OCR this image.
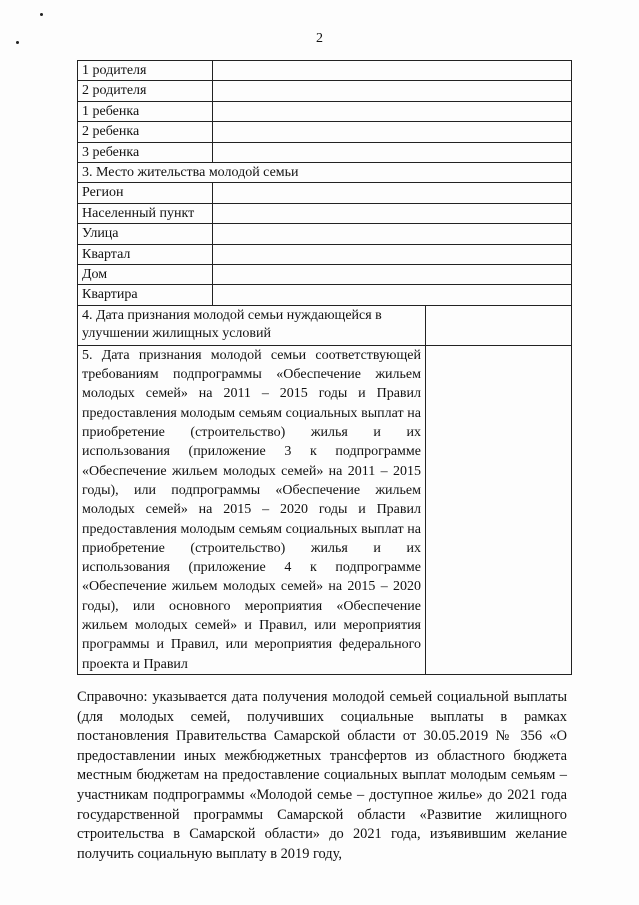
2
1 родителя		
2 родителя		
1 ребенка		
2 ребенка		
3 ребенка		
3. Место жительства молодой семьи		
Регион		
Населенный пункт		
Улица		
Квартал		
Дом		
Квартира		
4. Дата признания молодой семьи нуждающейся в улучшении жилищных условий		
5. Дата признания молодой семьи соответствующей требованиям подпрограммы «Обеспечение жильем молодых семей» на 2011 – 2015 годы и Правил предоставления молодым семьям социальных выплат на приобретение (строительство) жилья и их использования (приложение 3 к подпрограмме «Обеспечение жильем молодых семей» на 2011 – 2015 годы), или подпрограммы «Обеспечение жильем молодых семей» на 2015 – 2020 годы и Правил предоставления молодым семьям социальных выплат на приобретение (строительство) жилья и их использования (приложение 4 к подпрограмме «Обеспечение жильем молодых семей» на 2015 – 2020 годы), или основного мероприятия «Обеспечение жильем молодых семей» и Правил, или мероприятия программы и Правил, или мероприятия федерального проекта и Правил		
Справочно: указывается дата получения молодой семьей социальной выплаты (для молодых семей, получивших социальные выплаты в рамках постановления Правительства Самарской области от 30.05.2019 № 356 «О предоставлении иных межбюджетных трансфертов из областного бюджета местным бюджетам на предоставление социальных выплат молодым семьям – участникам подпрограммы «Молодой семье – доступное жилье» до 2021 года государственной программы Самарской области «Развитие жилищного строительства в Самарской области» до 2021 года, изъявившим желание получить социальную выплату в 2019 году,
